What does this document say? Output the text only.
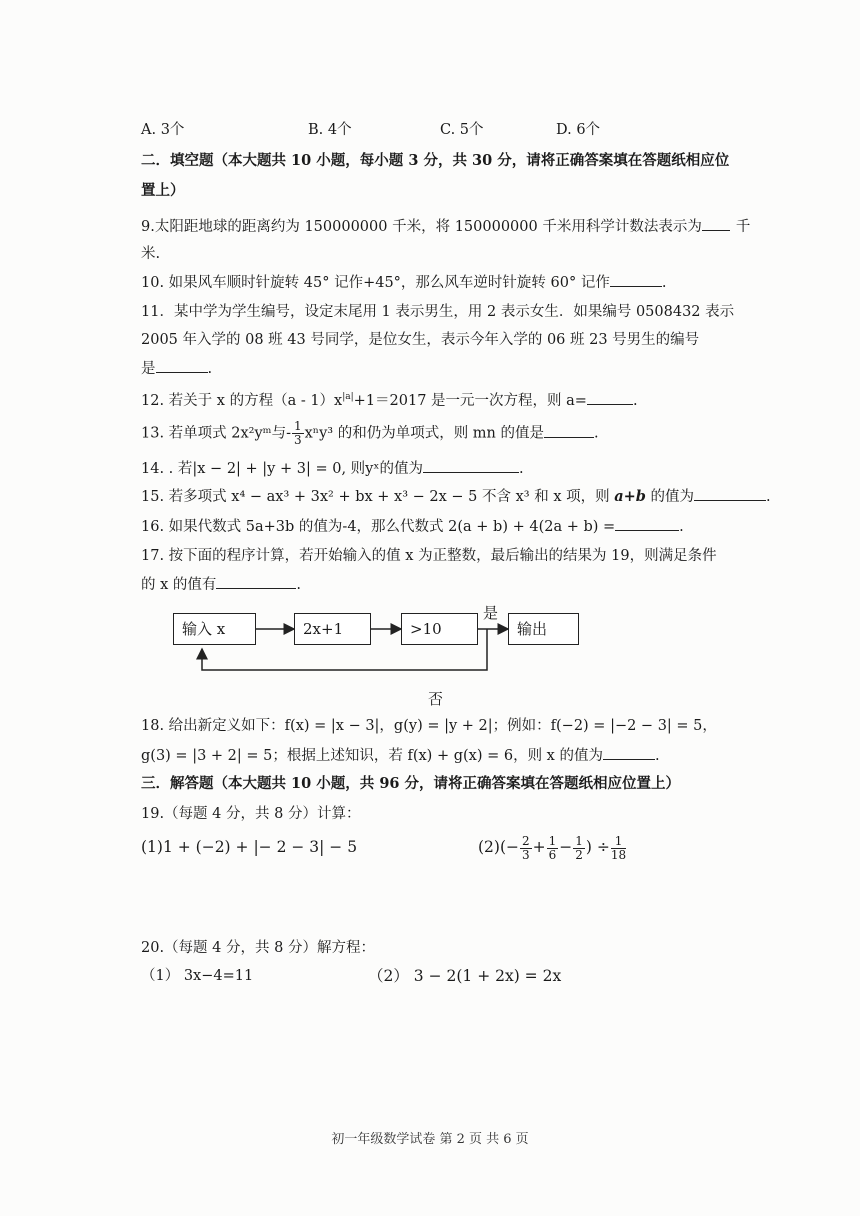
A. 3个	B. 4个	C. 5个	D. 6个
二．填空题（本大题共 10 小题，每小题 3 分，共 30 分，请将正确答案填在答题纸相应位
置上）
9.太阳距地球的距离约为 150000000 千米，将 150000000 千米用科学计数法表示为 千
米.
10. 如果风车顺时针旋转 45° 记作+45°，那么风车逆时针旋转 60° 记作	.
11．某中学为学生编号，设定末尾用 1 表示男生，用 2 表示女生．如果编号 0508432 表示
2005 年入学的 08 班 43 号同学，是位女生，表示今年入学的 06 班 23 号男生的编号
是	.
12. 若关于 x 的方程$(a - 1)x^{|a|}+1=2017$ 是一元一次方程，则 a=	.
13. 若单项式 2x²yᵐ与- $\frac{1}{3} x^ny^3$ 的和仍为单项式，则 mn 的值是	.
14. . 若|x − 2| + |y + 3| = 0, 则yˣ的值为	.
15. 若多项式 x⁴ − ax³ + 3x² + bx + x³ − 2x − 5 不含 x³ 和 x 项，则 a+b 的值为	.
16. 如果代数式 5a+3b 的值为-4，那么代数式 2(a + b) + 4(2a + b) =	.
17. 按下面的程序计算，若开始输入的值 x 为正整数，最后输出的结果为 19，则满足条件
的 x 的值有	.
输入 x	2x+1	>10	输出
是
否
18. 给出新定义如下：f(x) = |x − 3|，g(y) = |y + 2|；例如：f(−2) = |−2 − 3| = 5，
g(3) = |3 + 2| = 5；根据上述知识，若 f(x) + g(x) = 6，则 x 的值为	.
三．解答题（本大题共 10 小题，共 96 分，请将正确答案填在答题纸相应位置上）
19.（每题 4 分，共 8 分）计算：
(1)1 + (−2) + |− 2 − 3| − 5	$(2)(- \frac{2}{3} + \frac{1}{6} - \frac{1}{2}$ ) ÷ $\frac{1}{18}$
20.（每题 4 分，共 8 分）解方程：
（1） 3x−4=11	（2） 3 − 2(1 + 2x) = 2x
初一年级数学试卷 第 2 页 共 6 页
